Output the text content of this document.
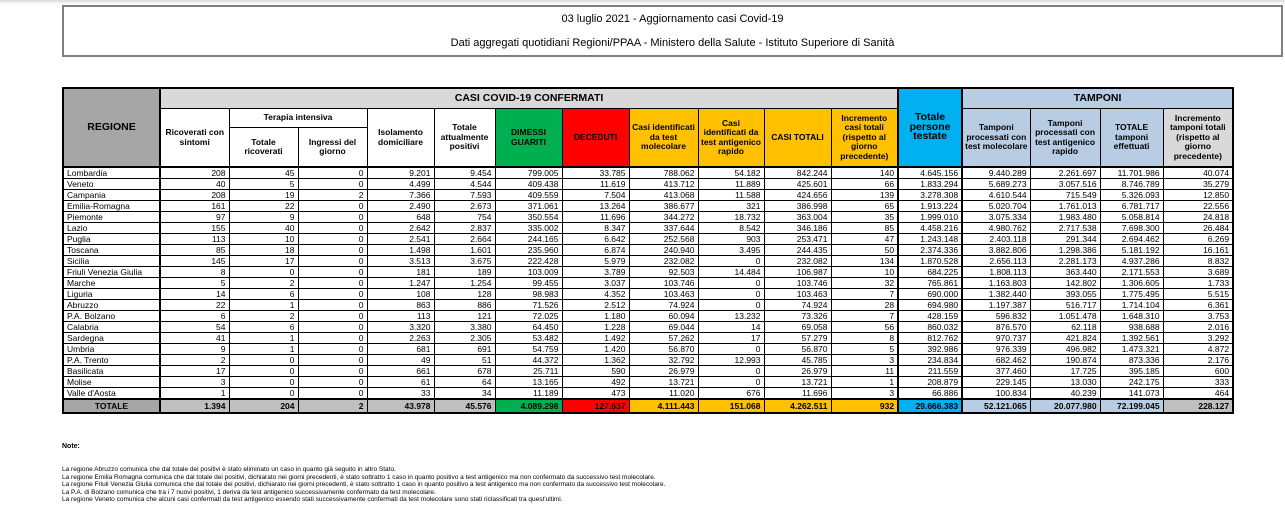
03 luglio 2021 - Aggiornamento casi Covid-19
Dati aggregati quotidiani Regioni/PPAA - Ministero della Salute - Istituto Superiore di Sanità
REGIONE	CASI COVID-19 CONFERMATI											Totale persone testate	TAMPONI			
	Ricoverati con sintomi	Terapia intensiva		Isolamento domiciliare	Totale attualmente positivi	DIMESSI GUARITI	DECEDUTI	Casi identificati da test molecolare	Casi identificati da test antigenico rapido	CASI TOTALI	Incremento casi totali (rispetto al giorno precedente)		Tamponi processati con test molecolare	Tamponi processati con test antigenico rapido	TOTALE tamponi effettuati	Incremento tamponi totali (rispetto al giorno precedente)
		Totale ricoverati	Ingressi del giorno													
Lombardia	208	45	0	9.201	9.454	799.005	33.785	788.062	54.182	842.244	140	4.645.156	9.440.289	2.261.697	11.701.986	40.074
Veneto	40	5	0	4.499	4.544	409.438	11.619	413.712	11.889	425.601	66	1.833.294	5.689.273	3.057.516	8.746.789	35.279
Campania	208	19	2	7.366	7.593	409.559	7.504	413.068	11.588	424.656	139	3.278.308	4.610.544	715.549	5.326.093	12.850
Emilia-Romagna	161	22	0	2.490	2.673	371.061	13.264	386.677	321	386.998	65	1.913.224	5.020.704	1.761.013	6.781.717	22.556
Piemonte	97	9	0	648	754	350.554	11.696	344.272	18.732	363.004	35	1.999.010	3.075.334	1.983.480	5.058.814	24.818
Lazio	155	40	0	2.642	2.837	335.002	8.347	337.644	8.542	346.186	85	4.458.216	4.980.762	2.717.538	7.698.300	26.484
Puglia	113	10	0	2.541	2.664	244.165	6.642	252.568	903	253.471	47	1.243.148	2.403.118	291.344	2.694.462	6.269
Toscana	85	18	0	1.498	1.601	235.960	6.874	240.940	3.495	244.435	50	2.374.336	3.882.806	1.298.386	5.181.192	16.161
Sicilia	145	17	0	3.513	3.675	222.428	5.979	232.082	0	232.082	134	1.870.528	2.656.113	2.281.173	4.937.286	8.832
Friuli Venezia Giulia	8	0	0	181	189	103.009	3.789	92.503	14.484	106.987	10	684.225	1.808.113	363.440	2.171.553	3.689
Marche	5	2	0	1.247	1.254	99.455	3.037	103.746	0	103.746	32	765.861	1.163.803	142.802	1.306.605	1.733
Liguria	14	6	0	108	128	98.983	4.352	103.463	0	103.463	7	690.000	1.382.440	393.055	1.775.495	5.515
Abruzzo	22	1	0	863	886	71.526	2.512	74.924	0	74.924	28	694.980	1.197.387	516.717	1.714.104	6.361
P.A. Bolzano	6	2	0	113	121	72.025	1.180	60.094	13.232	73.326	7	428.159	596.832	1.051.478	1.648.310	3.753
Calabria	54	6	0	3.320	3.380	64.450	1.228	69.044	14	69.058	56	860.032	876.570	62.118	938.688	2.016
Sardegna	41	1	0	2.263	2.305	53.482	1.492	57.262	17	57.279	8	812.762	970.737	421.824	1.392.561	3.292
Umbria	9	1	0	681	691	54.759	1.420	56.870	0	56.870	5	392.986	976.339	496.982	1.473.321	4.872
P.A. Trento	2	0	0	49	51	44.372	1.362	32.792	12.993	45.785	3	234.834	682.462	190.874	873.336	2.176
Basilicata	17	0	0	661	678	25.711	590	26.979	0	26.979	11	211.559	377.460	17.725	395.185	600
Molise	3	0	0	61	64	13.165	492	13.721	0	13.721	1	208.879	229.145	13.030	242.175	333
Valle d'Aosta	1	0	0	33	34	11.189	473	11.020	676	11.696	3	66.886	100.834	40.239	141.073	464
TOTALE	1.394	204	2	43.978	45.576	4.089.298	127.637	4.111.443	151.068	4.262.511	932	29.666.383	52.121.065	20.077.980	72.199.045	228.127
Note:
La regione Abruzzo comunica che dal totale dei positivi è stato eliminato un caso in quanto già seguito in altro Stato.
La regione Emilia Romagna comunica che dal totale dei positivi, dichiarato nei giorni precedenti, è stato sottratto 1 caso in quanto positivo a test antigenico ma non confermato da successivo test molecolare.
La regione Friuli Venezia Giulia comunica che dal totale dei positivi, dichiarato nei giorni precedenti, è stato sottratto 1 caso in quanto positivo a test antigenico ma non confermato da successivo test molecolare.
La P.A. di Bolzano comunica che tra i 7 nuovi positivi, 1 deriva da test antigenico successivamente confermato da test molecolare.
La regione Veneto comunica che alcuni casi confermati da test antigenico essendo stati successivamente confermati da test molecolare sono stati riclassificati tra quest'ultimi.
